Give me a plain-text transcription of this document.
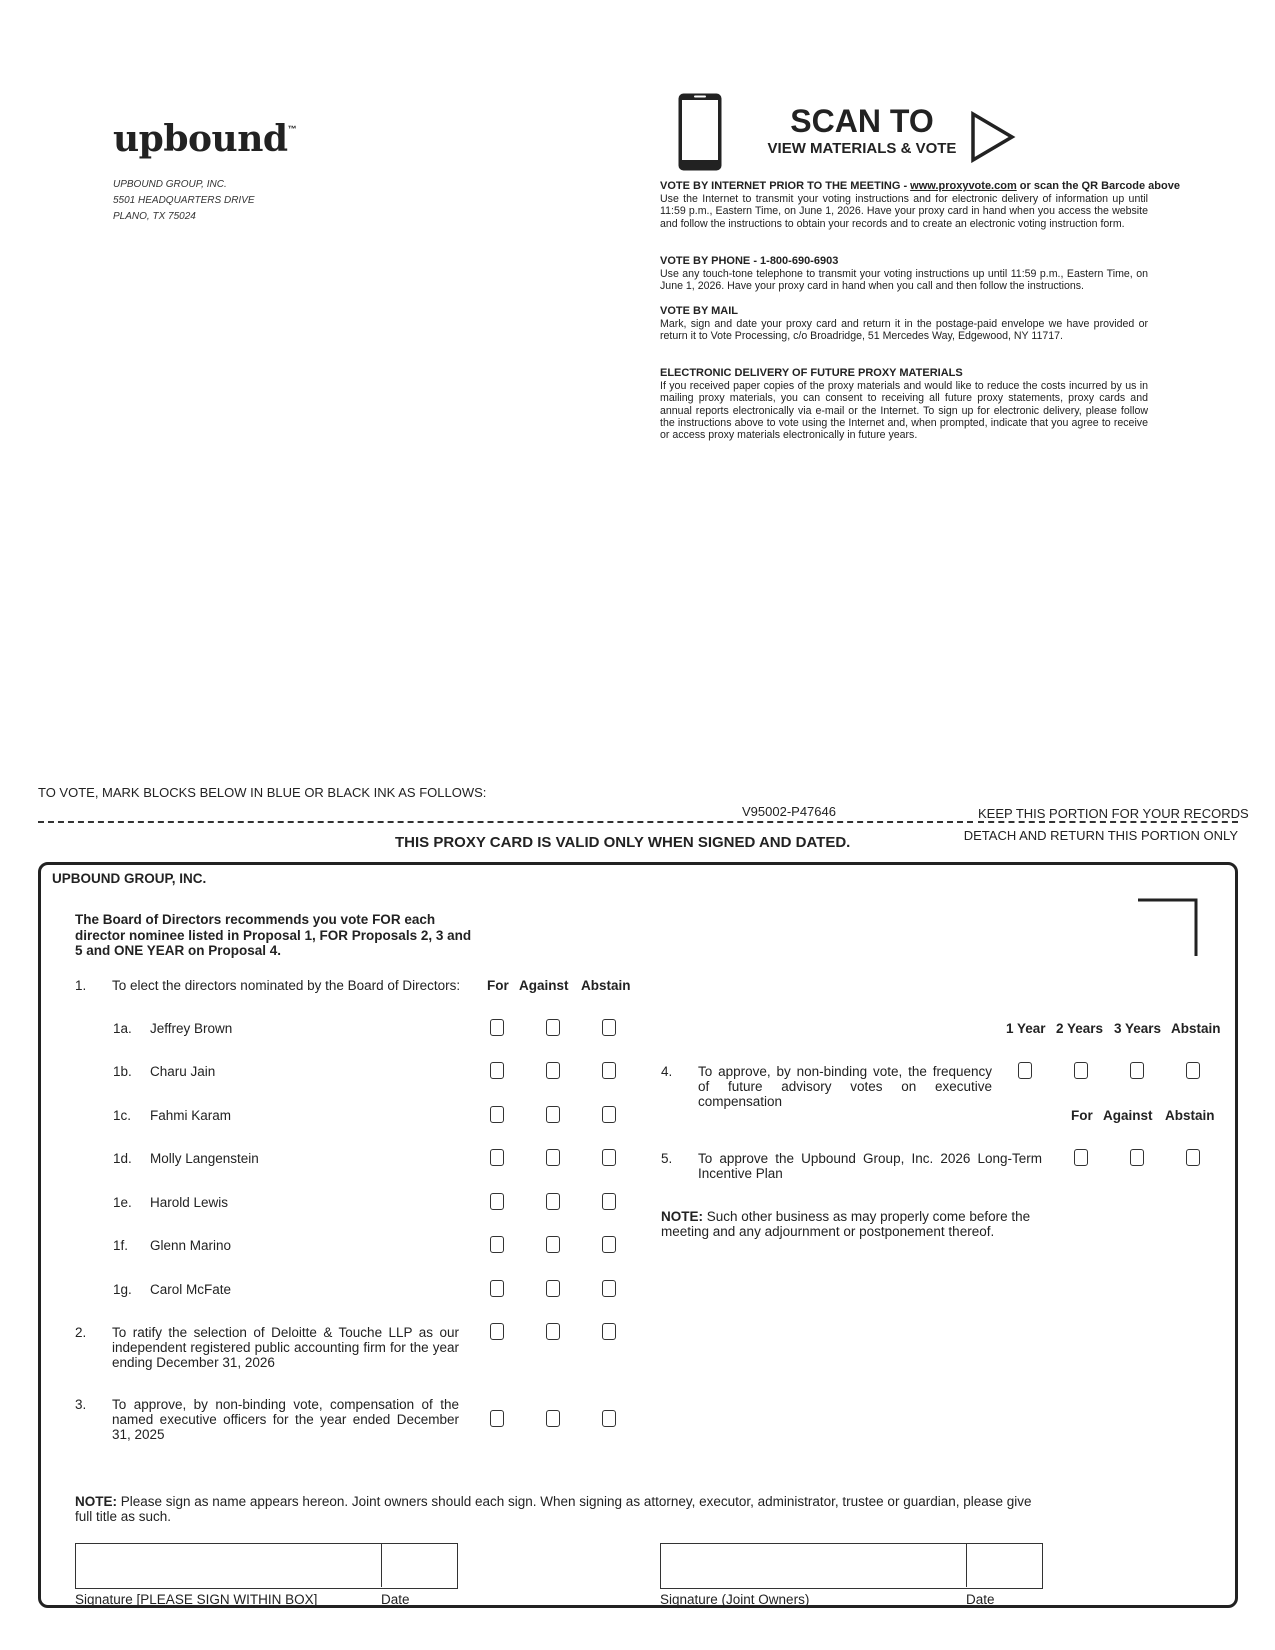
upbound™
UPBOUND GROUP, INC.
5501 HEADQUARTERS DRIVE
PLANO, TX 75024
SCAN TO
VIEW MATERIALS & VOTE
VOTE BY INTERNET PRIOR TO THE MEETING - www.proxyvote.com or scan the QR Barcode above
Use the Internet to transmit your voting instructions and for electronic delivery of information up until 11:59 p.m., Eastern Time, on June 1, 2026. Have your proxy card in hand when you access the website and follow the instructions to obtain your records and to create an electronic voting instruction form.
VOTE BY PHONE - 1-800-690-6903
Use any touch-tone telephone to transmit your voting instructions up until 11:59 p.m., Eastern Time, on June 1, 2026. Have your proxy card in hand when you call and then follow the instructions.
VOTE BY MAIL
Mark, sign and date your proxy card and return it in the postage-paid envelope we have provided or return it to Vote Processing, c/o Broadridge, 51 Mercedes Way, Edgewood, NY 11717.
ELECTRONIC DELIVERY OF FUTURE PROXY MATERIALS
If you received paper copies of the proxy materials and would like to reduce the costs incurred by us in mailing proxy materials, you can consent to receiving all future proxy statements, proxy cards and annual reports electronically via e-mail or the Internet. To sign up for electronic delivery, please follow the instructions above to vote using the Internet and, when prompted, indicate that you agree to receive or access proxy materials electronically in future years.
TO VOTE, MARK BLOCKS BELOW IN BLUE OR BLACK INK AS FOLLOWS:
V95002-P47646	KEEP THIS PORTION FOR YOUR RECORDS
DETACH AND RETURN THIS PORTION ONLY
THIS PROXY CARD IS VALID ONLY WHEN SIGNED AND DATED.
UPBOUND GROUP, INC.
The Board of Directors recommends you vote FOR each director nominee listed in Proposal 1, FOR Proposals 2, 3 and 5 and ONE YEAR on Proposal 4.
1. To elect the directors nominated by the Board of Directors: For Against Abstain
1a. Jeffrey Brown
1b. Charu Jain
1c. Fahmi Karam
1d. Molly Langenstein
1e. Harold Lewis
1f. Glenn Marino
1g. Carol McFate
2. To ratify the selection of Deloitte & Touche LLP as our independent registered public accounting firm for the year ending December 31, 2026
3. To approve, by non-binding vote, compensation of the named executive officers for the year ended December 31, 2025
1 Year 2 Years 3 Years Abstain
4. To approve, by non-binding vote, the frequency of future advisory votes on executive compensation
For Against Abstain
5. To approve the Upbound Group, Inc. 2026 Long-Term Incentive Plan
NOTE: Such other business as may properly come before the meeting and any adjournment or postponement thereof.
NOTE: Please sign as name appears hereon. Joint owners should each sign. When signing as attorney, executor, administrator, trustee or guardian, please give full title as such.
Signature [PLEASE SIGN WITHIN BOX]	Date	Signature (Joint Owners)	Date
